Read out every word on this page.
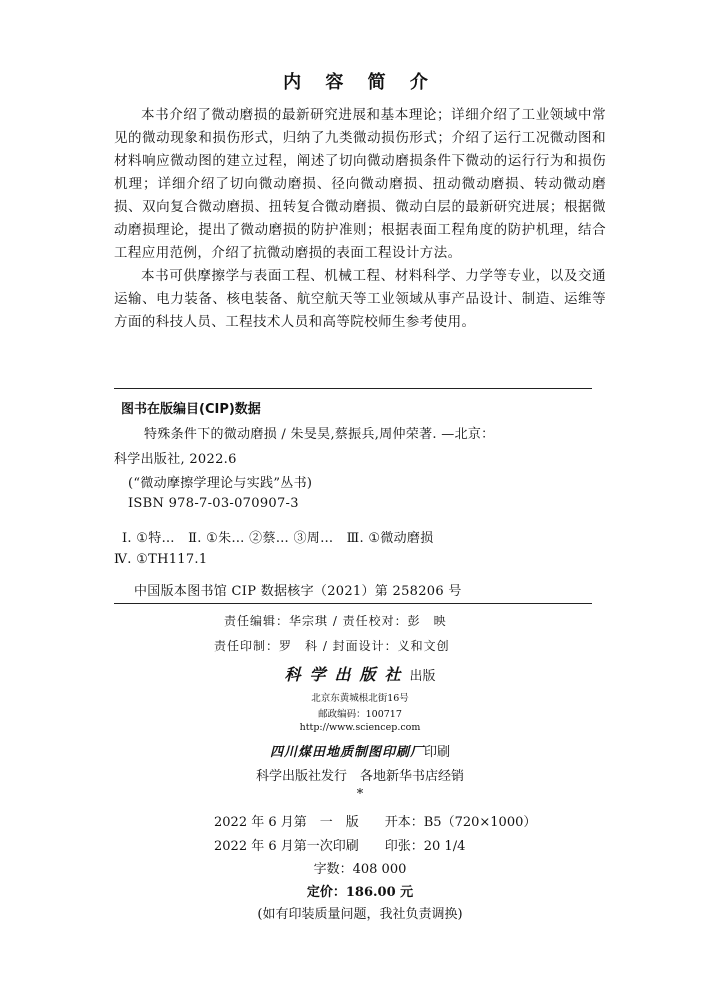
内 容 简 介

本书介绍了微动磨损的最新研究进展和基本理论；详细介绍了工业领域中常见的微动现象和损伤形式，归纳了九类微动损伤形式；介绍了运行工况微动图和材料响应微动图的建立过程，阐述了切向微动磨损条件下微动的运行行为和损伤机理；详细介绍了切向微动磨损、径向微动磨损、扭动微动磨损、转动微动磨损、双向复合微动磨损、扭转复合微动磨损、微动白层的最新研究进展；根据微动磨损理论，提出了微动磨损的防护准则；根据表面工程角度的防护机理，结合工程应用范例，介绍了抗微动磨损的表面工程设计方法。

本书可供摩擦学与表面工程、机械工程、材料科学、力学等专业，以及交通运输、电力装备、核电装备、航空航天等工业领域从事产品设计、制造、运维等方面的科技人员、工程技术人员和高等院校师生参考使用。

图书在版编目(CIP)数据
特殊条件下的微动磨损 / 朱旻昊,蔡振兵,周仲荣著. —北京：
科学出版社, 2022.6
(“微动摩擦学理论与实践”丛书)
ISBN 978-7-03-070907-3
Ⅰ. ①特…　Ⅱ. ①朱… ②蔡… ③周…　Ⅲ. ①微动磨损
Ⅳ. ①TH117.1
中国版本图书馆 CIP 数据核字（2021）第 258206 号
责任编辑：华宗琪 / 责任校对：彭　映
责任印制：罗　科 / 封面设计：义和文创
科学出版社出版
北京东黄城根北街16号
邮政编码：100717
http://www.sciencep.com
四川煤田地质制图印刷厂印刷
科学出版社发行　各地新华书店经销
*
2022 年 6 月第　一　版　　开本：B5（720×1000）
2022 年 6 月第一次印刷　　印张：20 1/4
字数：408 000
定价：186.00 元
(如有印装质量问题，我社负责调换)
